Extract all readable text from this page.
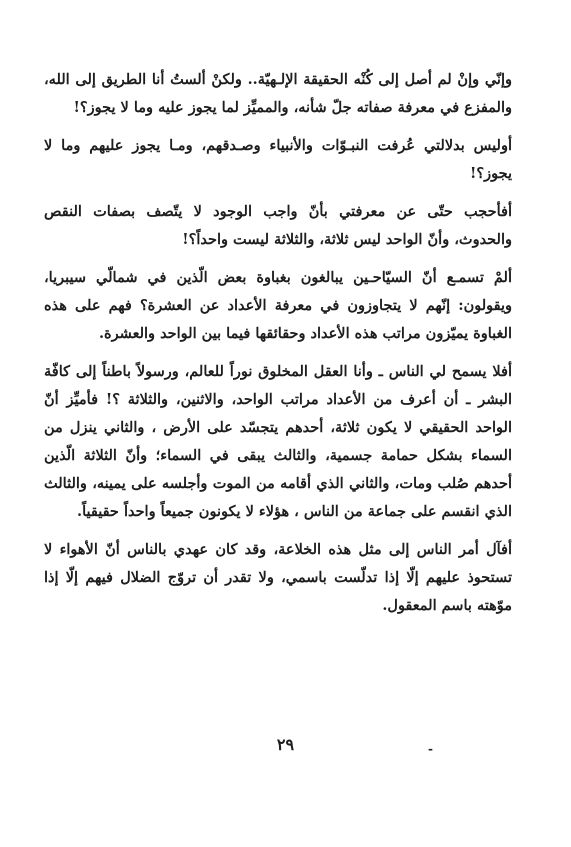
وإنّي وإنْ لم أصل إلى كُنْه الحقيقة الإلـهيّة.. ولكنْ ألستُ أنا الطريق إلى الله، والمفزع في معرفة صفاته جلّ شأنه، والمميِّز لما يجوز عليه وما لا يجوز؟!

أوليس بدلالتي عُرفت النبـوّات والأنبياء وصـدقهم، ومـا يجوز عليهم وما لا يجوز؟!

أفأحجب حتّى عن معرفتي بأنّ واجب الوجود لا يتّصف بصفات النقص والحدوث، وأنّ الواحد ليس ثلاثة، والثلاثة ليست واحداً؟!

ألمْ تسمـع أنّ السيّاحـين يبالغون بغباوة بعض الّذين في شمالّي سيبريا، ويقولون: إنّهم لا يتجاوزون في معرفة الأعداد عن العشرة؟ فهم على هذه الغباوة يميّزون مراتب هذه الأعداد وحقائقها فيما بين الواحد والعشرة.

أفلا يسمح لي الناس ـ وأنا العقل المخلوق نوراً للعالم، ورسولاً باطناً إلى كافّة البشر ـ أن أعرف من الأعداد مراتب الواحد، والاثنين، والثلاثة ؟! فأميِّز أنّ الواحد الحقيقي لا يكون ثلاثة، أحدهم يتجسّد على الأرض ، والثاني ينزل من السماء بشكل حمامة جسمية، والثالث يبقى في السماء؛ وأنّ الثلاثة الّذين أحدهم صُلب ومات، والثاني الذي أقامه من الموت وأجلسه على يمينه، والثالث الذي انقسم على جماعة من الناس ، هؤلاء لا يكونون جميعاً واحداً حقيقياً.

أفآل أمر الناس إلى مثل هذه الخلاعة، وقد كان عهدي بالناس أنّ الأهواء لا تستحوذ عليهم إلّا إذا تدلّست باسمي، ولا تقدر أن تروّج الضلال فيهم إلّا إذا موّهته باسم المعقول.

٢٩	-
